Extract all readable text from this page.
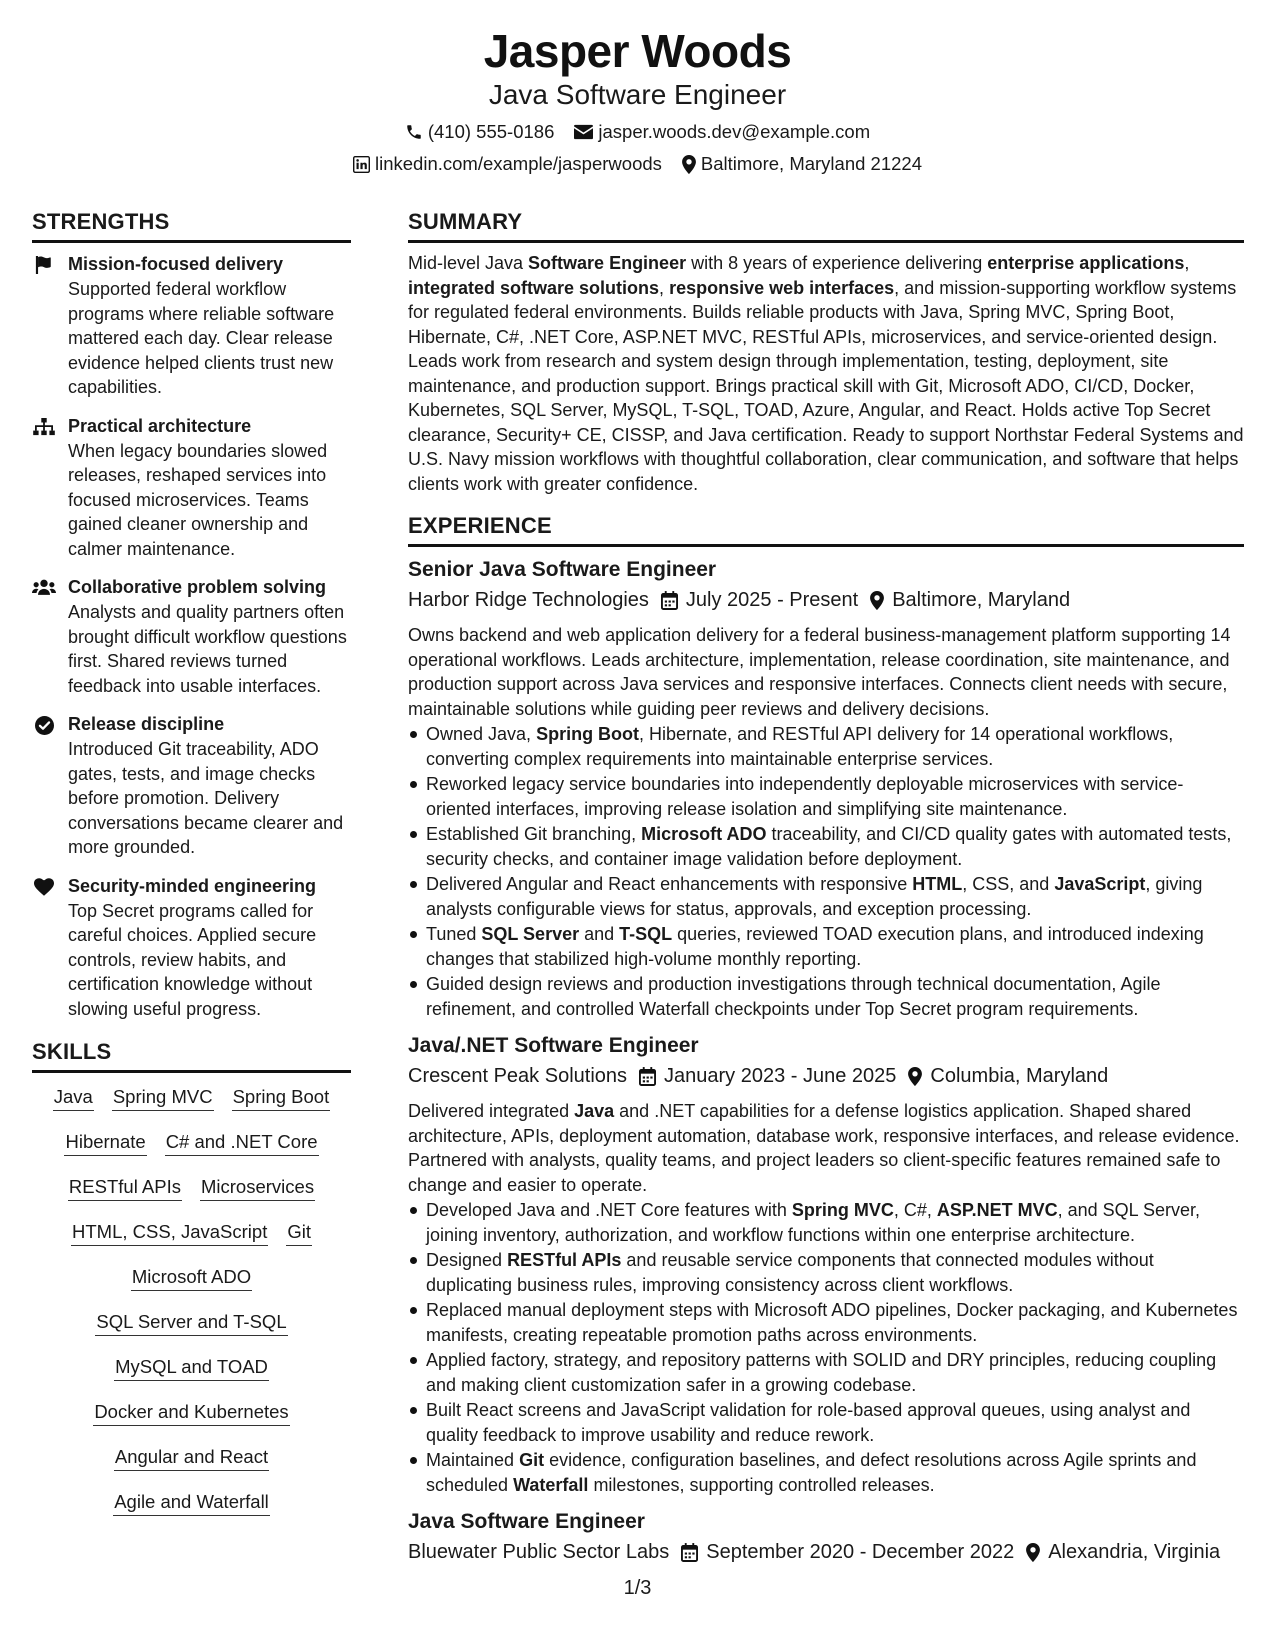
Jasper Woods
Java Software Engineer
(410) 555-0186 jasper.woods.dev@example.com
linkedin.com/example/jasperwoods Baltimore, Maryland 21224
STRENGTHS
Mission-focused delivery
Supported federal workflow programs where reliable software mattered each day. Clear release evidence helped clients trust new capabilities.
Practical architecture
When legacy boundaries slowed releases, reshaped services into focused microservices. Teams gained cleaner ownership and calmer maintenance.
Collaborative problem solving
Analysts and quality partners often brought difficult workflow questions first. Shared reviews turned feedback into usable interfaces.
Release discipline
Introduced Git traceability, ADO gates, tests, and image checks before promotion. Delivery conversations became clearer and more grounded.
Security-minded engineering
Top Secret programs called for careful choices. Applied secure controls, review habits, and certification knowledge without slowing useful progress.
SKILLS
Java Spring MVC Spring Boot
Hibernate C# and .NET Core
RESTful APIs Microservices
HTML, CSS, JavaScript Git
Microsoft ADO
SQL Server and T-SQL
MySQL and TOAD
Docker and Kubernetes
Angular and React
Agile and Waterfall
SUMMARY
Mid-level Java Software Engineer with 8 years of experience delivering enterprise applications, integrated software solutions, responsive web interfaces, and mission-supporting workflow systems for regulated federal environments. Builds reliable products with Java, Spring MVC, Spring Boot, Hibernate, C#, .NET Core, ASP.NET MVC, RESTful APIs, microservices, and service-oriented design. Leads work from research and system design through implementation, testing, deployment, site maintenance, and production support. Brings practical skill with Git, Microsoft ADO, CI/CD, Docker, Kubernetes, SQL Server, MySQL, T-SQL, TOAD, Azure, Angular, and React. Holds active Top Secret clearance, Security+ CE, CISSP, and Java certification. Ready to support Northstar Federal Systems and U.S. Navy mission workflows with thoughtful collaboration, clear communication, and software that helps clients work with greater confidence.
EXPERIENCE
Senior Java Software Engineer
Harbor Ridge Technologies July 2025 - Present Baltimore, Maryland
Owns backend and web application delivery for a federal business-management platform supporting 14 operational workflows. Leads architecture, implementation, release coordination, site maintenance, and production support across Java services and responsive interfaces. Connects client needs with secure, maintainable solutions while guiding peer reviews and delivery decisions.
Owned Java, Spring Boot, Hibernate, and RESTful API delivery for 14 operational workflows, converting complex requirements into maintainable enterprise services.
Reworked legacy service boundaries into independently deployable microservices with service-oriented interfaces, improving release isolation and simplifying site maintenance.
Established Git branching, Microsoft ADO traceability, and CI/CD quality gates with automated tests, security checks, and container image validation before deployment.
Delivered Angular and React enhancements with responsive HTML, CSS, and JavaScript, giving analysts configurable views for status, approvals, and exception processing.
Tuned SQL Server and T-SQL queries, reviewed TOAD execution plans, and introduced indexing changes that stabilized high-volume monthly reporting.
Guided design reviews and production investigations through technical documentation, Agile refinement, and controlled Waterfall checkpoints under Top Secret program requirements.
Java/.NET Software Engineer
Crescent Peak Solutions January 2023 - June 2025 Columbia, Maryland
Delivered integrated Java and .NET capabilities for a defense logistics application. Shaped shared architecture, APIs, deployment automation, database work, responsive interfaces, and release evidence. Partnered with analysts, quality teams, and project leaders so client-specific features remained safe to change and easier to operate.
Developed Java and .NET Core features with Spring MVC, C#, ASP.NET MVC, and SQL Server, joining inventory, authorization, and workflow functions within one enterprise architecture.
Designed RESTful APIs and reusable service components that connected modules without duplicating business rules, improving consistency across client workflows.
Replaced manual deployment steps with Microsoft ADO pipelines, Docker packaging, and Kubernetes manifests, creating repeatable promotion paths across environments.
Applied factory, strategy, and repository patterns with SOLID and DRY principles, reducing coupling and making client customization safer in a growing codebase.
Built React screens and JavaScript validation for role-based approval queues, using analyst and quality feedback to improve usability and reduce rework.
Maintained Git evidence, configuration baselines, and defect resolutions across Agile sprints and scheduled Waterfall milestones, supporting controlled releases.
Java Software Engineer
Bluewater Public Sector Labs September 2020 - December 2022 Alexandria, Virginia
1/3
